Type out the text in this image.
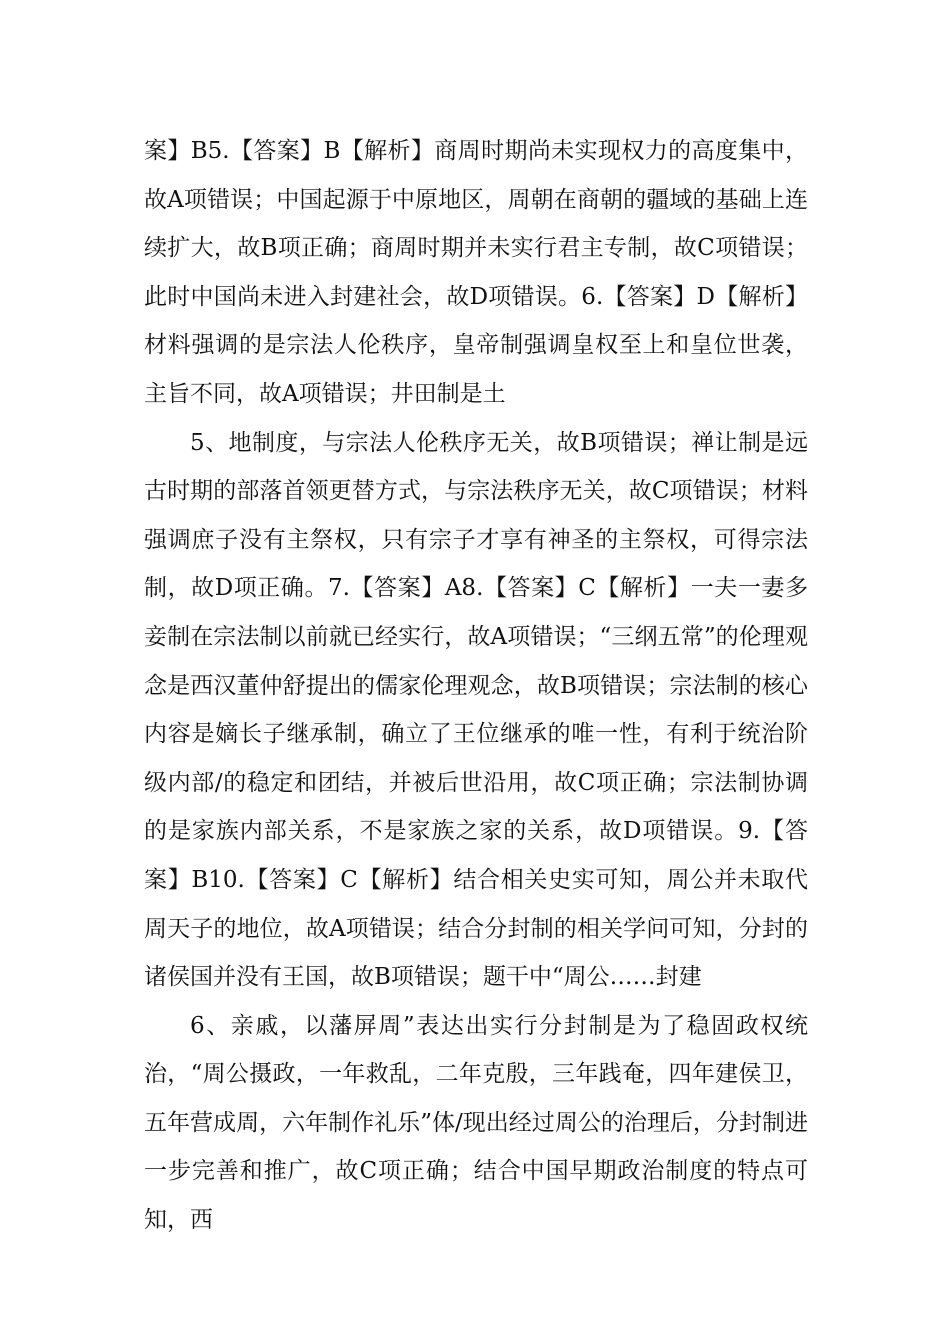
案】B5.【答案】B【解析】商周时期尚未实现权力的高度集中，故A项错误；中国起源于中原地区，周朝在商朝的疆域的基础上连续扩大，故B项正确；商周时期并未实行君主专制，故C项错误；此时中国尚未进入封建社会，故D项错误。6.【答案】D【解析】材料强调的是宗法人伦秩序，皇帝制强调皇权至上和皇位世袭，主旨不同，故A项错误；井田制是土

5、地制度，与宗法人伦秩序无关，故B项错误；禅让制是远古时期的部落首领更替方式，与宗法秩序无关，故C项错误；材料强调庶子没有主祭权，只有宗子才享有神圣的主祭权，可得宗法制，故D项正确。7.【答案】A8.【答案】C【解析】一夫一妻多妾制在宗法制以前就已经实行，故A项错误；“三纲五常”的伦理观念是西汉董仲舒提出的儒家伦理观念，故B项错误；宗法制的核心内容是嫡长子继承制，确立了王位继承的唯一性，有利于统治阶级内部/的稳定和团结，并被后世沿用，故C项正确；宗法制协调的是家族内部关系，不是家族之家的关系，故D项错误。9.【答案】B10.【答案】C【解析】结合相关史实可知，周公并未取代周天子的地位，故A项错误；结合分封制的相关学问可知，分封的诸侯国并没有王国，故B项错误；题干中“周公……封建

6、亲戚，以藩屏周”表达出实行分封制是为了稳固政权统治，“周公摄政，一年救乱，二年克殷，三年践奄，四年建侯卫，五年营成周，六年制作礼乐”体/现出经过周公的治理后，分封制进一步完善和推广，故C项正确；结合中国早期政治制度的特点可知，西
